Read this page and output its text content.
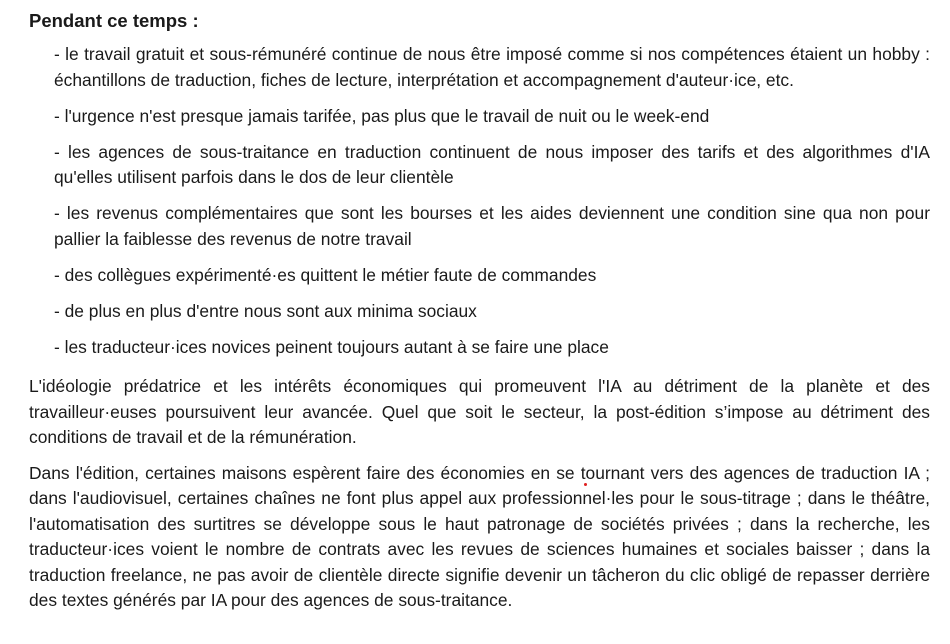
Pendant ce temps :
- le travail gratuit et sous-rémunéré continue de nous être imposé comme si nos compétences étaient un hobby : échantillons de traduction, fiches de lecture, interprétation et accompagnement d'auteur·ice, etc.
- l'urgence n'est presque jamais tarifée, pas plus que le travail de nuit ou le week-end
- les agences de sous-traitance en traduction continuent de nous imposer des tarifs et des algorithmes d'IA qu'elles utilisent parfois dans le dos de leur clientèle
- les revenus complémentaires que sont les bourses et les aides deviennent une condition sine qua non pour pallier la faiblesse des revenus de notre travail
- des collègues expérimenté·es quittent le métier faute de commandes
- de plus en plus d'entre nous sont aux minima sociaux
- les traducteur·ices novices peinent toujours autant à se faire une place

L'idéologie prédatrice et les intérêts économiques qui promeuvent l'IA au détriment de la planète et des travailleur·euses poursuivent leur avancée. Quel que soit le secteur, la post-édition s’impose au détriment des conditions de travail et de la rémunération.

Dans l'édition, certaines maisons espèrent faire des économies en se tournant vers des agences de traduction IA ; dans l'audiovisuel, certaines chaînes ne font plus appel aux professionnel·les pour le sous-titrage ; dans le théâtre, l'automatisation des surtitres se développe sous le haut patronage de sociétés privées ; dans la recherche, les traducteur·ices voient le nombre de contrats avec les revues de sciences humaines et sociales baisser ; dans la traduction freelance, ne pas avoir de clientèle directe signifie devenir un tâcheron du clic obligé de repasser derrière des textes générés par IA pour des agences de sous-traitance.
